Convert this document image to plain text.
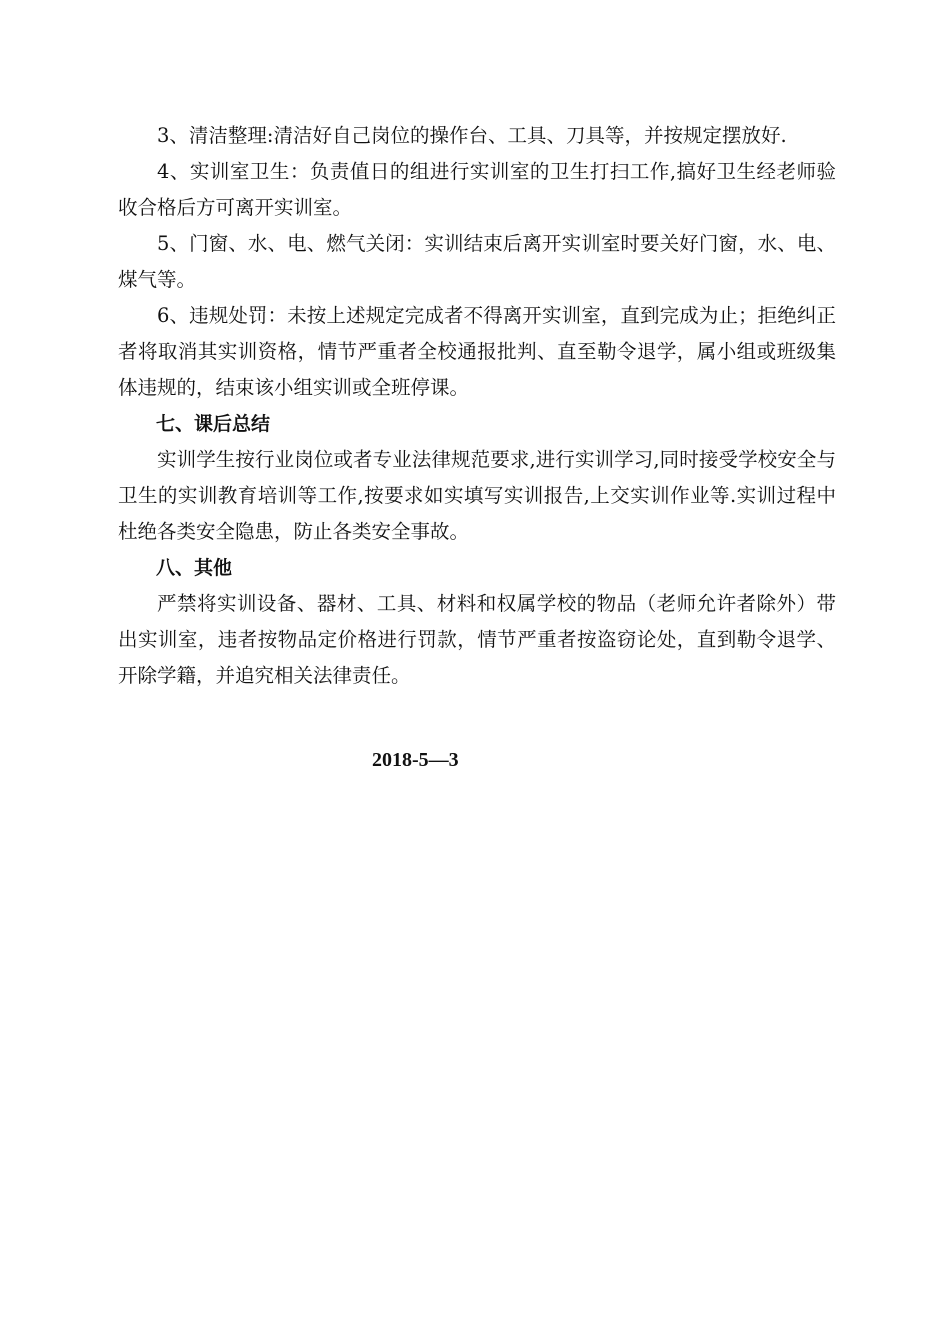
3、清洁整理:清洁好自己岗位的操作台、工具、刀具等，并按规定摆放好.

4、实训室卫生：负责值日的组进行实训室的卫生打扫工作,搞好卫生经老师验收合格后方可离开实训室。

5、门窗、水、电、燃气关闭：实训结束后离开实训室时要关好门窗，水、电、煤气等。

6、违规处罚：未按上述规定完成者不得离开实训室，直到完成为止；拒绝纠正者将取消其实训资格，情节严重者全校通报批判、直至勒令退学，属小组或班级集体违规的，结束该小组实训或全班停课。

七、课后总结

实训学生按行业岗位或者专业法律规范要求,进行实训学习,同时接受学校安全与卫生的实训教育培训等工作,按要求如实填写实训报告,上交实训作业等.实训过程中杜绝各类安全隐患，防止各类安全事故。

八、其他

严禁将实训设备、器材、工具、材料和权属学校的物品（老师允许者除外）带出实训室，违者按物品定价格进行罚款，情节严重者按盗窃论处，直到勒令退学、开除学籍，并追究相关法律责任。

2018-5—3
